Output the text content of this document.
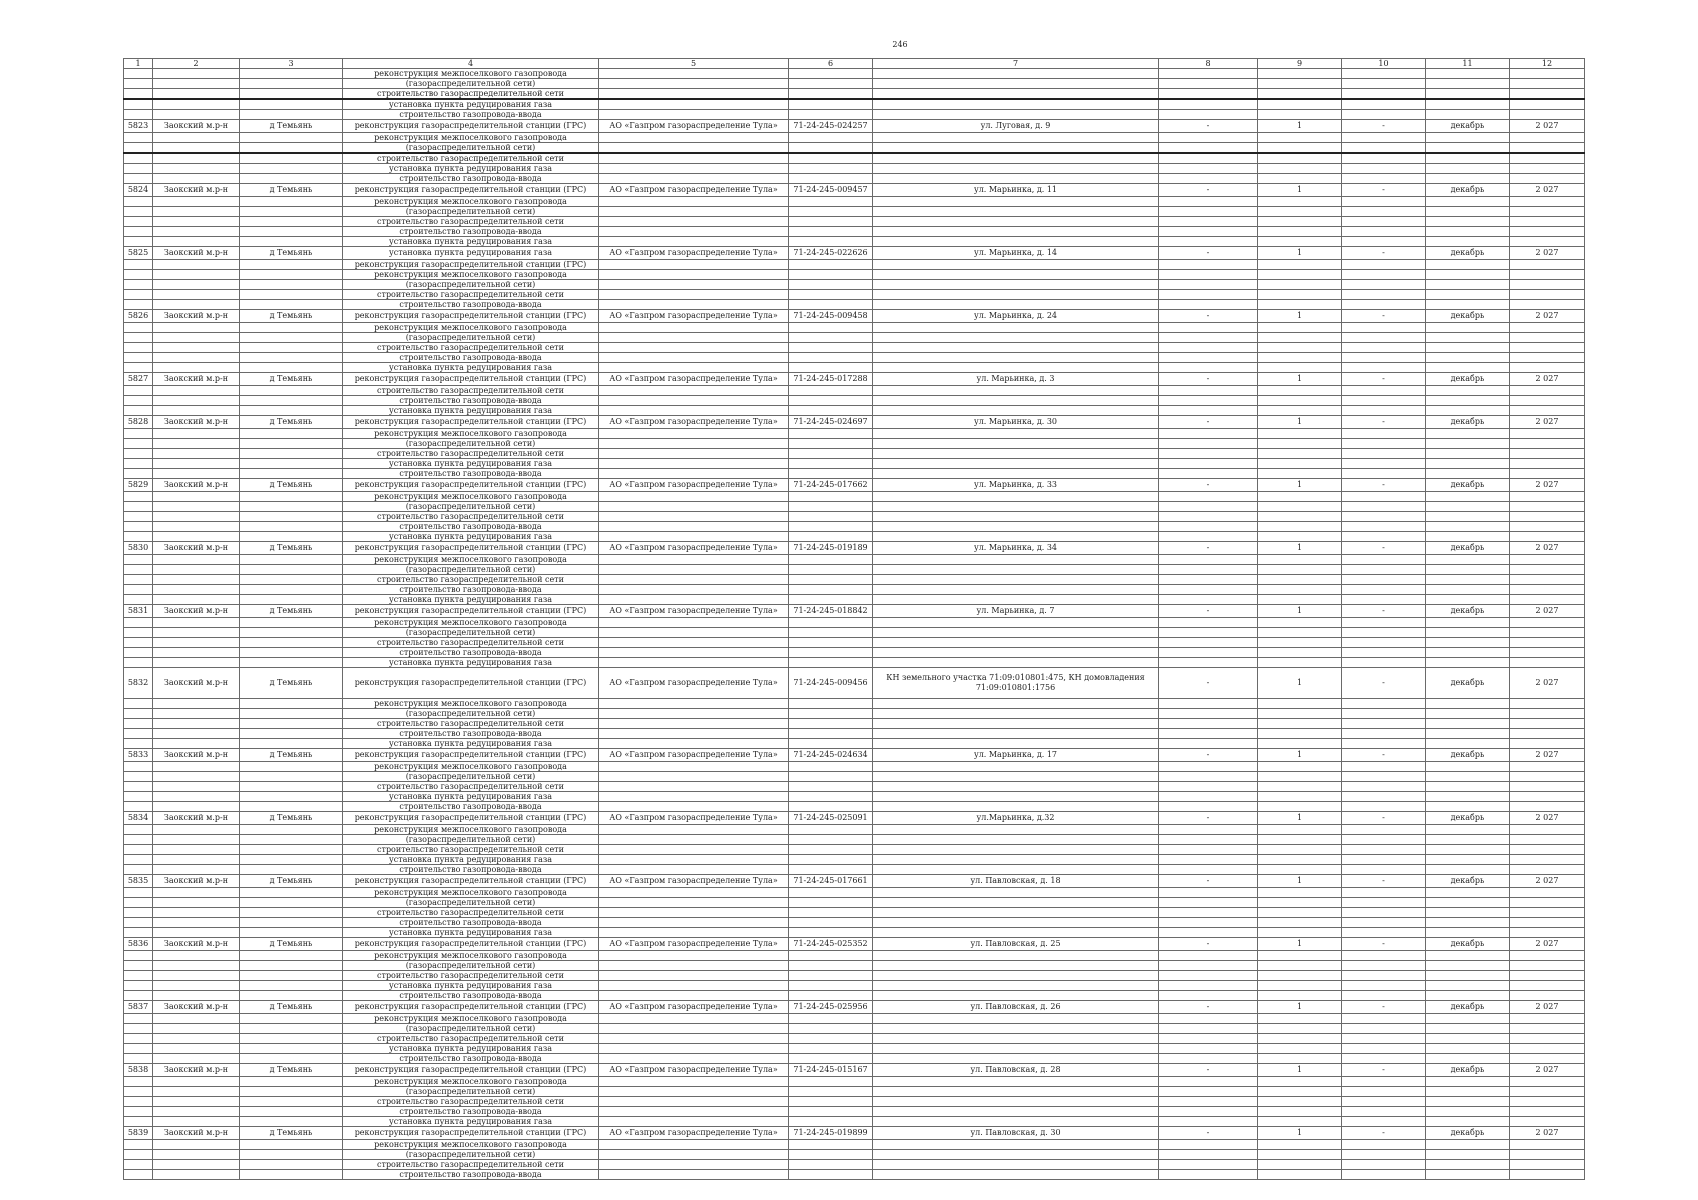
246
1	2	3	4	5	6	7	8	9	10	11	12
			реконструкция межпоселкового газопровода								
			(газораспределительной сети)								
			строительство газораспределительной сети								
			установка пункта редуцирования газа								
			строительство газопровода-ввода								
5823	Заокский м.р-н	д Темьянь	реконструкция газораспределительной станции (ГРС)	АО «Газпром газораспределение Тула»	71-24-245-024257	ул. Луговая, д. 9	-	1	-	декабрь	2 027
			реконструкция межпоселкового газопровода								
			(газораспределительной сети)								
			строительство газораспределительной сети								
			установка пункта редуцирования газа								
			строительство газопровода-ввода								
5824	Заокский м.р-н	д Темьянь	реконструкция газораспределительной станции (ГРС)	АО «Газпром газораспределение Тула»	71-24-245-009457	ул. Марьинка, д. 11	-	1	-	декабрь	2 027
			реконструкция межпоселкового газопровода								
			(газораспределительной сети)								
			строительство газораспределительной сети								
			строительство газопровода-ввода								
			установка пункта редуцирования газа								
5825	Заокский м.р-н	д Темьянь	установка пункта редуцирования газа	АО «Газпром газораспределение Тула»	71-24-245-022626	ул. Марьинка, д. 14	-	1	-	декабрь	2 027
			реконструкция газораспределительной станции (ГРС)								
			реконструкция межпоселкового газопровода								
			(газораспределительной сети)								
			строительство газораспределительной сети								
			строительство газопровода-ввода								
5826	Заокский м.р-н	д Темьянь	реконструкция газораспределительной станции (ГРС)	АО «Газпром газораспределение Тула»	71-24-245-009458	ул. Марьинка, д. 24	-	1	-	декабрь	2 027
			реконструкция межпоселкового газопровода								
			(газораспределительной сети)								
			строительство газораспределительной сети								
			строительство газопровода-ввода								
			установка пункта редуцирования газа								
5827	Заокский м.р-н	д Темьянь	реконструкция газораспределительной станции (ГРС)	АО «Газпром газораспределение Тула»	71-24-245-017288	ул. Марьинка, д. 3	-	1	-	декабрь	2 027
			строительство газораспределительной сети								
			строительство газопровода-ввода								
			установка пункта редуцирования газа								
5828	Заокский м.р-н	д Темьянь	реконструкция газораспределительной станции (ГРС)	АО «Газпром газораспределение Тула»	71-24-245-024697	ул. Марьинка, д. 30	-	1	-	декабрь	2 027
			реконструкция межпоселкового газопровода								
			(газораспределительной сети)								
			строительство газораспределительной сети								
			установка пункта редуцирования газа								
			строительство газопровода-ввода								
5829	Заокский м.р-н	д Темьянь	реконструкция газораспределительной станции (ГРС)	АО «Газпром газораспределение Тула»	71-24-245-017662	ул. Марьинка, д. 33	-	1	-	декабрь	2 027
			реконструкция межпоселкового газопровода								
			(газораспределительной сети)								
			строительство газораспределительной сети								
			строительство газопровода-ввода								
			установка пункта редуцирования газа								
5830	Заокский м.р-н	д Темьянь	реконструкция газораспределительной станции (ГРС)	АО «Газпром газораспределение Тула»	71-24-245-019189	ул. Марьинка, д. 34	-	1	-	декабрь	2 027
			реконструкция межпоселкового газопровода								
			(газораспределительной сети)								
			строительство газораспределительной сети								
			строительство газопровода-ввода								
			установка пункта редуцирования газа								
5831	Заокский м.р-н	д Темьянь	реконструкция газораспределительной станции (ГРС)	АО «Газпром газораспределение Тула»	71-24-245-018842	ул. Марьинка, д. 7	-	1	-	декабрь	2 027
			реконструкция межпоселкового газопровода								
			(газораспределительной сети)								
			строительство газораспределительной сети								
			строительство газопровода-ввода								
			установка пункта редуцирования газа								
5832	Заокский м.р-н	д Темьянь	реконструкция газораспределительной станции (ГРС)	АО «Газпром газораспределение Тула»	71-24-245-009456	КН земельного участка 71:09:010801:475, КН домовладения 71:09:010801:1756	-	1	-	декабрь	2 027
			реконструкция межпоселкового газопровода								
			(газораспределительной сети)								
			строительство газораспределительной сети								
			строительство газопровода-ввода								
			установка пункта редуцирования газа								
5833	Заокский м.р-н	д Темьянь	реконструкция газораспределительной станции (ГРС)	АО «Газпром газораспределение Тула»	71-24-245-024634	ул. Марьинка, д. 17	-	1	-	декабрь	2 027
			реконструкция межпоселкового газопровода								
			(газораспределительной сети)								
			строительство газораспределительной сети								
			установка пункта редуцирования газа								
			строительство газопровода-ввода								
5834	Заокский м.р-н	д Темьянь	реконструкция газораспределительной станции (ГРС)	АО «Газпром газораспределение Тула»	71-24-245-025091	ул.Марьинка, д.32	-	1	-	декабрь	2 027
			реконструкция межпоселкового газопровода								
			(газораспределительной сети)								
			строительство газораспределительной сети								
			установка пункта редуцирования газа								
			строительство газопровода-ввода								
5835	Заокский м.р-н	д Темьянь	реконструкция газораспределительной станции (ГРС)	АО «Газпром газораспределение Тула»	71-24-245-017661	ул. Павловская, д. 18	-	1	-	декабрь	2 027
			реконструкция межпоселкового газопровода								
			(газораспределительной сети)								
			строительство газораспределительной сети								
			строительство газопровода-ввода								
			установка пункта редуцирования газа								
5836	Заокский м.р-н	д Темьянь	реконструкция газораспределительной станции (ГРС)	АО «Газпром газораспределение Тула»	71-24-245-025352	ул. Павловская, д. 25	-	1	-	декабрь	2 027
			реконструкция межпоселкового газопровода								
			(газораспределительной сети)								
			строительство газораспределительной сети								
			установка пункта редуцирования газа								
			строительство газопровода-ввода								
5837	Заокский м.р-н	д Темьянь	реконструкция газораспределительной станции (ГРС)	АО «Газпром газораспределение Тула»	71-24-245-025956	ул. Павловская, д. 26	-	1	-	декабрь	2 027
			реконструкция межпоселкового газопровода								
			(газораспределительной сети)								
			строительство газораспределительной сети								
			установка пункта редуцирования газа								
			строительство газопровода-ввода								
5838	Заокский м.р-н	д Темьянь	реконструкция газораспределительной станции (ГРС)	АО «Газпром газораспределение Тула»	71-24-245-015167	ул. Павловская, д. 28	-	1	-	декабрь	2 027
			реконструкция межпоселкового газопровода								
			(газораспределительной сети)								
			строительство газораспределительной сети								
			строительство газопровода-ввода								
			установка пункта редуцирования газа								
5839	Заокский м.р-н	д Темьянь	реконструкция газораспределительной станции (ГРС)	АО «Газпром газораспределение Тула»	71-24-245-019899	ул. Павловская, д. 30	-	1	-	декабрь	2 027
			реконструкция межпоселкового газопровода								
			(газораспределительной сети)								
			строительство газораспределительной сети								
			строительство газопровода-ввода								
